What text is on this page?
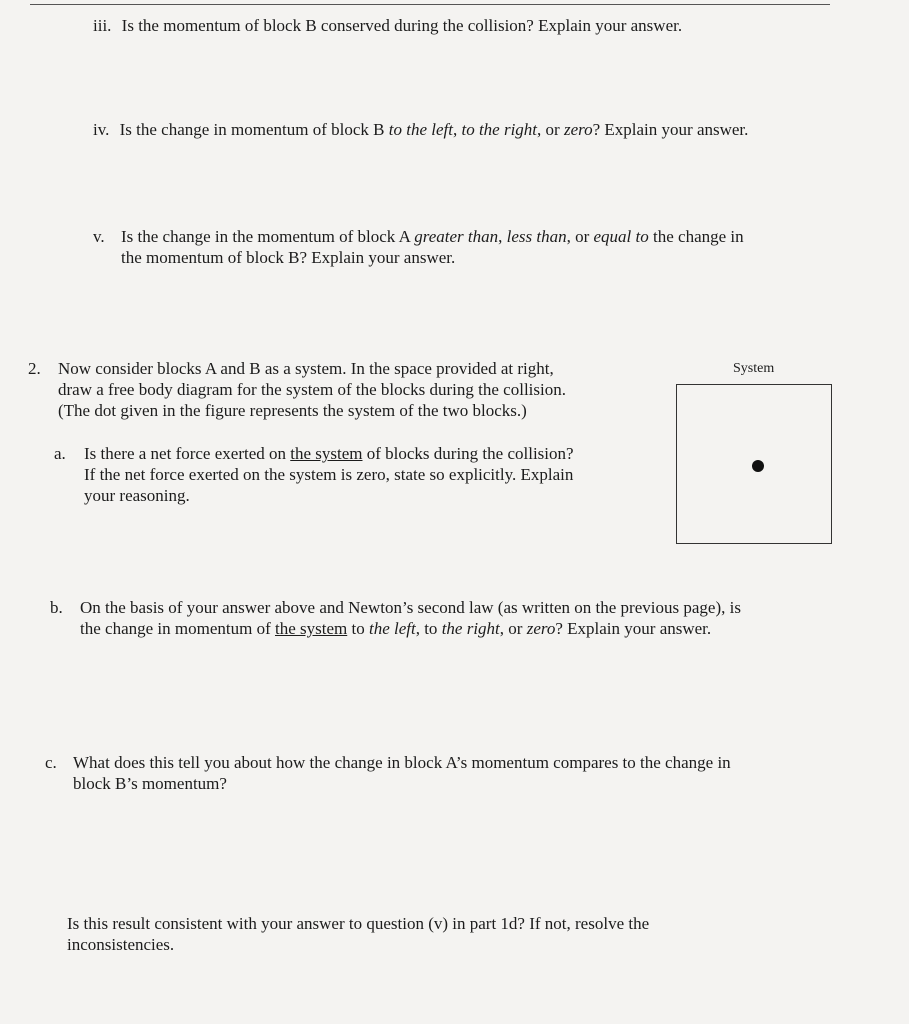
iii. Is the momentum of block B conserved during the collision? Explain your answer.
iv. Is the change in momentum of block B to the left, to the right, or zero? Explain your answer.
v. Is the change in the momentum of block A greater than, less than, or equal to the change in
the momentum of block B? Explain your answer.
2. Now consider blocks A and B as a system. In the space provided at right,
draw a free body diagram for the system of the blocks during the collision.
(The dot given in the figure represents the system of the two blocks.)
System
a. Is there a net force exerted on the system of blocks during the collision?
If the net force exerted on the system is zero, state so explicitly. Explain
your reasoning.
b. On the basis of your answer above and Newton’s second law (as written on the previous page), is
the change in momentum of the system to the left, to the right, or zero? Explain your answer.
c. What does this tell you about how the change in block A’s momentum compares to the change in
block B’s momentum?
Is this result consistent with your answer to question (v) in part 1d? If not, resolve the
inconsistencies.
